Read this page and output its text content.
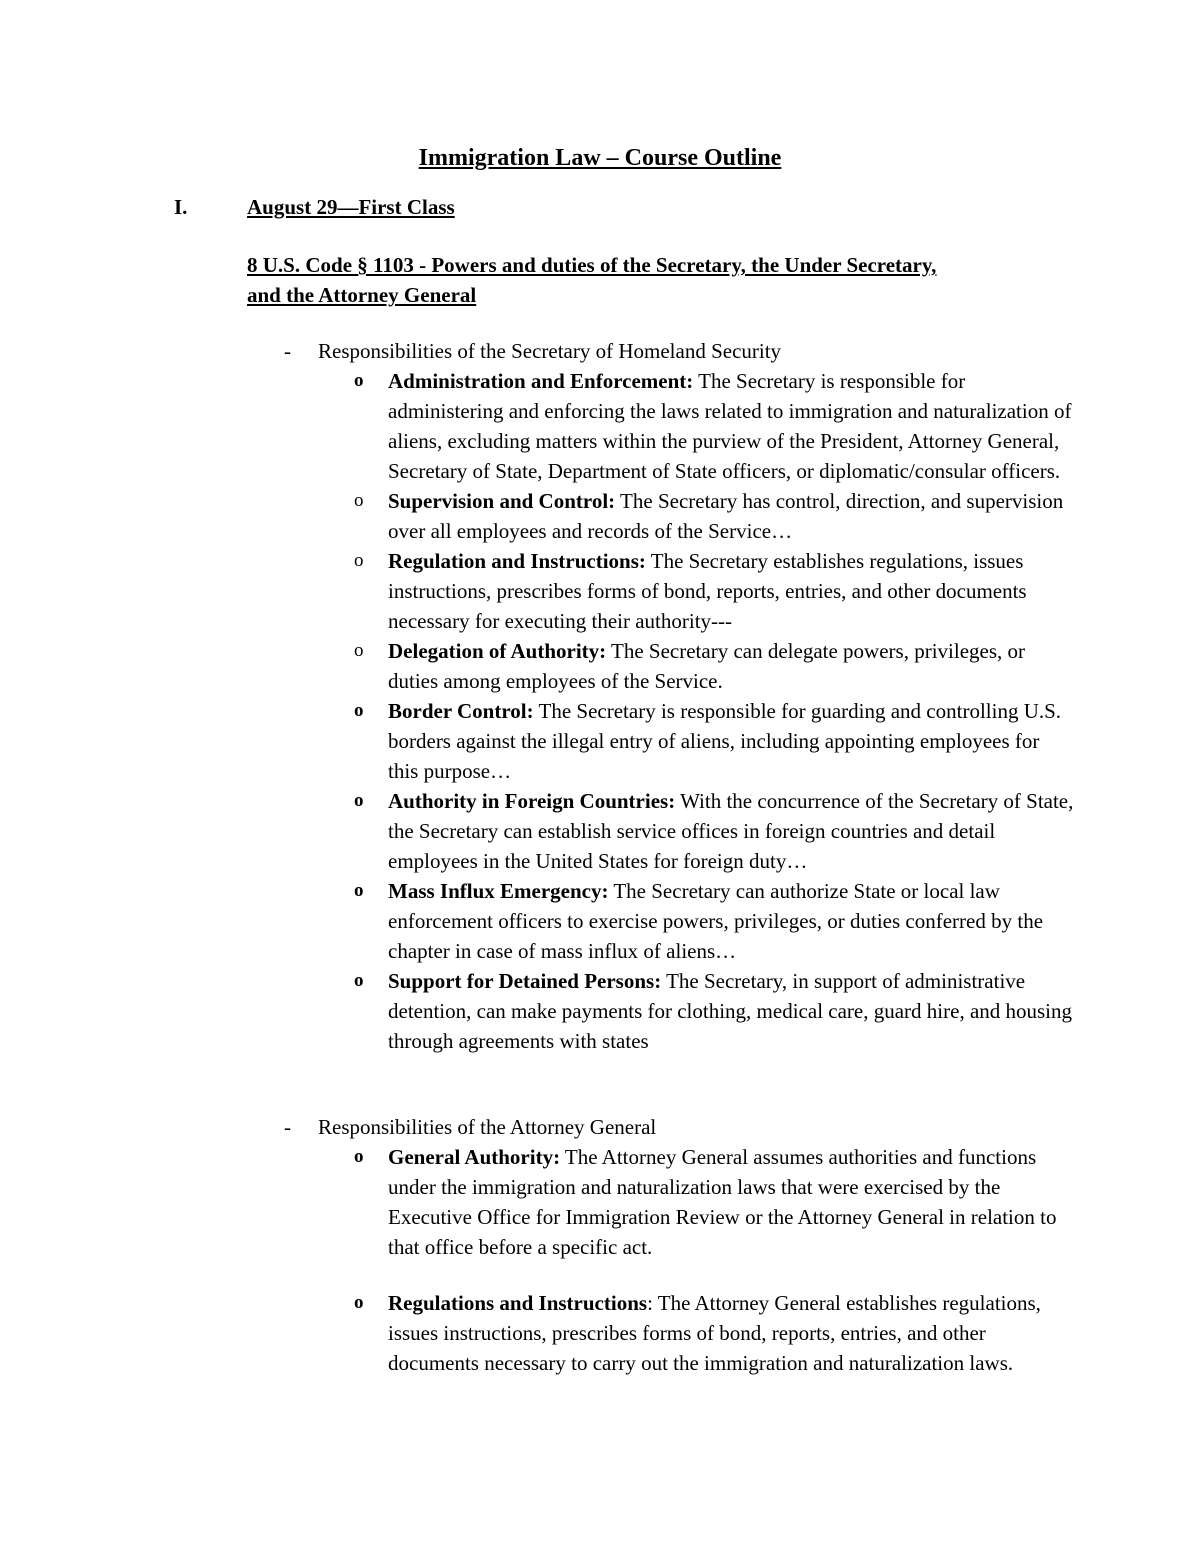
Immigration Law – Course Outline
I.	August 29—First Class
8 U.S. Code § 1103 - Powers and duties of the Secretary, the Under Secretary,
and the Attorney General
- Responsibilities of the Secretary of Homeland Security
o Administration and Enforcement: The Secretary is responsible for administering and enforcing the laws related to immigration and naturalization of aliens, excluding matters within the purview of the President, Attorney General, Secretary of State, Department of State officers, or diplomatic/consular officers.
o Supervision and Control: The Secretary has control, direction, and supervision over all employees and records of the Service…
o Regulation and Instructions: The Secretary establishes regulations, issues instructions, prescribes forms of bond, reports, entries, and other documents necessary for executing their authority---
o Delegation of Authority: The Secretary can delegate powers, privileges, or duties among employees of the Service.
o Border Control: The Secretary is responsible for guarding and controlling U.S. borders against the illegal entry of aliens, including appointing employees for this purpose…
o Authority in Foreign Countries: With the concurrence of the Secretary of State, the Secretary can establish service offices in foreign countries and detail employees in the United States for foreign duty…
o Mass Influx Emergency: The Secretary can authorize State or local law enforcement officers to exercise powers, privileges, or duties conferred by the chapter in case of mass influx of aliens…
o Support for Detained Persons: The Secretary, in support of administrative detention, can make payments for clothing, medical care, guard hire, and housing through agreements with states
- Responsibilities of the Attorney General
o General Authority: The Attorney General assumes authorities and functions under the immigration and naturalization laws that were exercised by the Executive Office for Immigration Review or the Attorney General in relation to that office before a specific act.
o Regulations and Instructions: The Attorney General establishes regulations, issues instructions, prescribes forms of bond, reports, entries, and other documents necessary to carry out the immigration and naturalization laws.
